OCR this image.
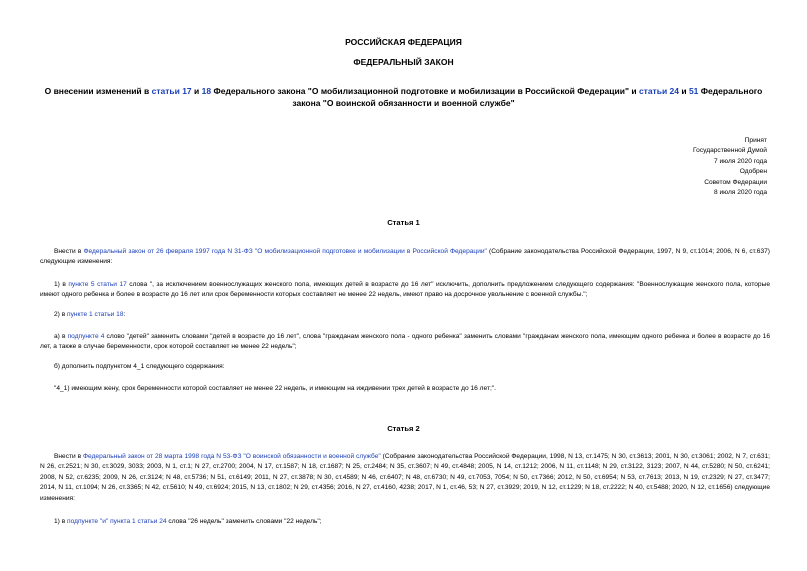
РОССИЙСКАЯ ФЕДЕРАЦИЯ
ФЕДЕРАЛЬНЫЙ ЗАКОН
О внесении изменений в статьи 17 и 18 Федерального закона "О мобилизационной подготовке и мобилизации в Российской Федерации" и статьи 24 и 51 Федерального закона "О воинской обязанности и военной службе"
Принят
Государственной Думой
7 июля 2020 года
Одобрен
Советом Федерации
8 июля 2020 года
Статья 1
Внести в Федеральный закон от 26 февраля 1997 года N 31-ФЗ "О мобилизационной подготовке и мобилизации в Российской Федерации" (Собрание законодательства Российской Федерации, 1997, N 9, ст.1014; 2006, N 6, ст.637) следующие изменения:
1) в пункте 5 статьи 17 слова ", за исключением военнослужащих женского пола, имеющих детей в возрасте до 16 лет" исключить, дополнить предложением следующего содержания: "Военнослужащие женского пола, которые имеют одного ребенка и более в возрасте до 16 лет или срок беременности которых составляет не менее 22 недель, имеют право на досрочное увольнение с военной службы.";
2) в пункте 1 статьи 18:
а) в подпункте 4 слово "детей" заменить словами "детей в возрасте до 16 лет", слова "гражданам женского пола - одного ребенка" заменить словами "гражданам женского пола, имеющим одного ребенка и более в возрасте до 16 лет, а также в случае беременности, срок которой составляет не менее 22 недель";
б) дополнить подпунктом 4_1 следующего содержания:
"4_1) имеющим жену, срок беременности которой составляет не менее 22 недель, и имеющим на иждивении трех детей в возрасте до 16 лет;".
Статья 2
Внести в Федеральный закон от 28 марта 1998 года N 53-ФЗ "О воинской обязанности и военной службе" (Собрание законодательства Российской Федерации, 1998, N 13, ст.1475; N 30, ст.3613; 2001, N 30, ст.3061; 2002, N 7, ст.631; N 26, ст.2521; N 30, ст.3029, 3033; 2003, N 1, ст.1; N 27, ст.2700; 2004, N 17, ст.1587; N 18, ст.1687; N 25, ст.2484; N 35, ст.3607; N 49, ст.4848; 2005, N 14, ст.1212; 2006, N 11, ст.1148; N 29, ст.3122, 3123; 2007, N 44, ст.5280; N 50, ст.6241; 2008, N 52, ст.6235; 2009, N 26, ст.3124; N 48, ст.5736; N 51, ст.6149; 2011, N 27, ст.3878; N 30, ст.4589; N 46, ст.6407; N 48, ст.6730; N 49, ст.7053, 7054; N 50, ст.7366; 2012, N 50, ст.6954; N 53, ст.7613; 2013, N 19, ст.2329; N 27, ст.3477; 2014, N 11, ст.1094; N 26, ст.3365; N 42, ст.5610; N 49, ст.6924; 2015, N 13, ст.1802; N 29, ст.4356; 2016, N 27, ст.4160, 4238; 2017, N 1, ст.46, 53; N 27, ст.3929; 2019, N 12, ст.1229; N 18, ст.2222; N 40, ст.5488; 2020, N 12, ст.1656) следующие изменения:
1) в подпункте "и" пункта 1 статьи 24 слова "26 недель" заменить словами "22 недель";
